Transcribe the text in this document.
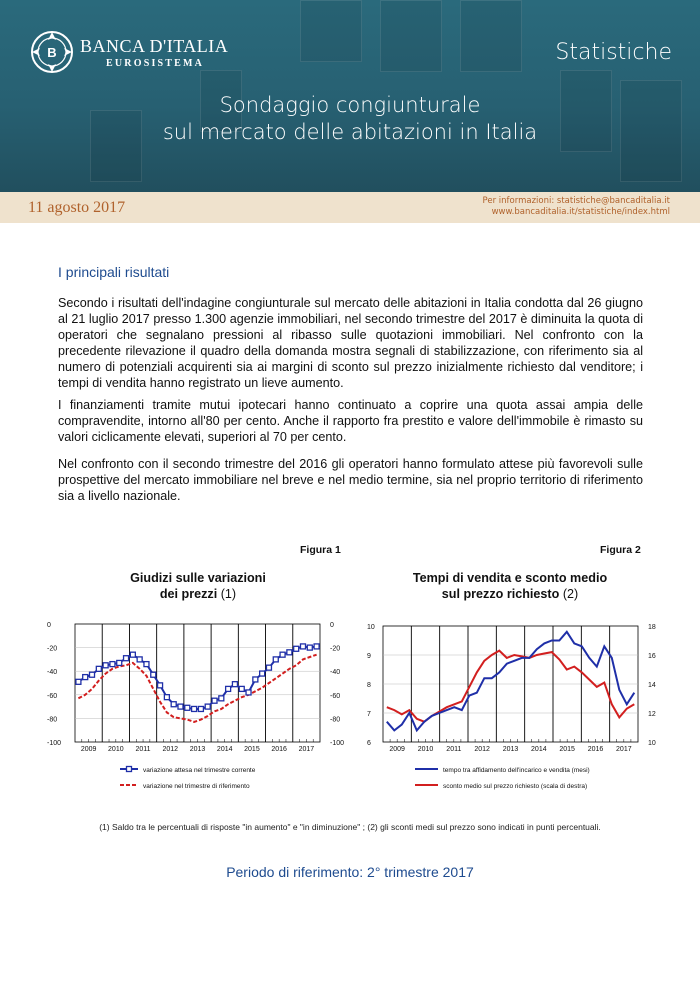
B BANCA D'ITALIA
EUROSISTEMA	Statistiche
Sondaggio congiunturale
sul mercato delle abitazioni in Italia
11 agosto 2017	Per informazioni: statistiche@bancaditalia.it
www.bancaditalia.it/statistiche/index.html
I principali risultati

Secondo i risultati dell'indagine congiunturale sul mercato delle abitazioni in Italia condotta dal 26 giugno al 21 luglio 2017 presso 1.300 agenzie immobiliari, nel secondo trimestre del 2017 è diminuita la quota di operatori che segnalano pressioni al ribasso sulle quotazioni immobiliari. Nel confronto con la precedente rilevazione il quadro della domanda mostra segnali di stabilizzazione, con riferimento sia al numero di potenziali acquirenti sia ai margini di sconto sul prezzo inizialmente richiesto dal venditore; i tempi di vendita hanno registrato un lieve aumento.

I finanziamenti tramite mutui ipotecari hanno continuato a coprire una quota assai ampia delle compravendite, intorno all'80 per cento. Anche il rapporto fra prestito e valore dell'immobile è rimasto su valori ciclicamente elevati, superiori al 70 per cento.

Nel confronto con il secondo trimestre del 2016 gli operatori hanno formulato attese più favorevoli sulle prospettive del mercato immobiliare nel breve e nel medio termine, sia nel proprio territorio di riferimento sia a livello nazionale.

Figura 1
Giudizi sulle variazioni
dei prezzi (1)
2009 2010 2011 2012 2013 2014 2015 2016 2017
0
-20
-40
-60
-80
-100
-20
-40
-60
-80
-100
0
variazione attesa nel trimestre corrente
variazione nel trimestre di riferimento
Figura 2
Tempi di vendita e sconto medio
sul prezzo richiesto (2)
2009 2010 2011 2012 2013 2014 2015 2016 2017
10
9
8
7
6
18
16
14
12
10
tempo tra affidamento dell'incarico e vendita (mesi)
sconto medio sul prezzo richiesto (scala di destra)
(1) Saldo tra le percentuali di risposte "in aumento" e "in diminuzione" ; (2) gli sconti medi sul prezzo sono indicati in punti percentuali.
Periodo di riferimento: 2° trimestre 2017
